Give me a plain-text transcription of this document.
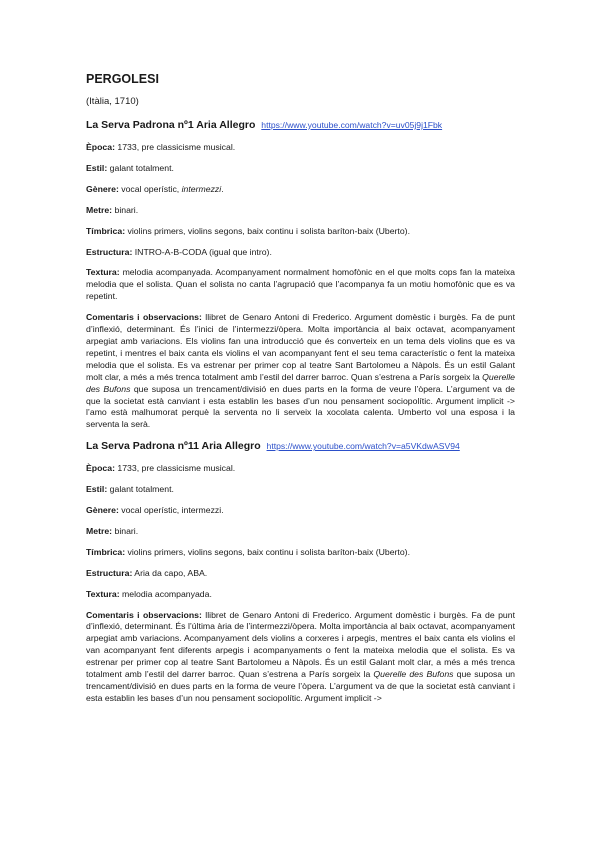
PERGOLESI
(Itàlia, 1710)
La Serva Padrona nº1 Aria Allegro https://www.youtube.com/watch?v=uv05j9j1Fbk

Època: 1733, pre classicisme musical.

Estil: galant totalment.

Gènere: vocal operístic, intermezzi.

Metre: binari.

Tímbrica: violins primers, violins segons, baix continu i solista baríton-baix (Uberto).

Estructura: INTRO-A-B-CODA (igual que intro).

Textura: melodia acompanyada. Acompanyament normalment homofònic en el que molts cops fan la mateixa melodia que el solista. Quan el solista no canta l’agrupació que l’acompanya fa un motiu homofònic que es va repetint.

Comentaris i observacions: llibret de Genaro Antoni di Frederico. Argument domèstic i burgès. Fa de punt d’inflexió, determinant. És l’inici de l’intermezzi/òpera. Molta importància al baix octavat, acompanyament arpegiat amb variacions. Els violins fan una introducció que és converteix en un tema dels violins que es va repetint, i mentres el baix canta els violins el van acompanyant fent el seu tema característic o fent la mateixa melodia que el solista. Es va estrenar per primer cop al teatre Sant Bartolomeu a Nàpols. És un estil Galant molt clar, a més a més trenca totalment amb l’estil del darrer barroc. Quan s’estrena a París sorgeix la Querelle des Bufons que suposa un trencament/divisió en dues parts en la forma de veure l’òpera. L’argument va de que la societat està canviant i esta establin les bases d’un nou pensament sociopolític. Argument implicit -> l’amo està malhumorat perquè la serventa no li serveix la xocolata calenta. Umberto vol una esposa i la serventa la serà.

La Serva Padrona nº11 Aria Allegro https://www.youtube.com/watch?v=a5VKdwASV94

Època: 1733, pre classicisme musical.

Estil: galant totalment.

Gènere: vocal operístic, intermezzi.

Metre: binari.

Tímbrica: violins primers, violins segons, baix continu i solista baríton-baix (Uberto).

Estructura: Aria da capo, ABA.

Textura: melodia acompanyada.

Comentaris i observacions: llibret de Genaro Antoni di Frederico. Argument domèstic i burgès. Fa de punt d’inflexió, determinant. És l’última ària de l’intermezzi/òpera. Molta importància al baix octavat, acompanyament arpegiat amb variacions. Acompanyament dels violins a corxeres i arpegis, mentres el baix canta els violins el van acompanyant fent diferents arpegis i acompanyaments o fent la mateixa melodia que el solista. Es va estrenar per primer cop al teatre Sant Bartolomeu a Nàpols. És un estil Galant molt clar, a més a més trenca totalment amb l’estil del darrer barroc. Quan s’estrena a París sorgeix la Querelle des Bufons que suposa un trencament/divisió en dues parts en la forma de veure l’òpera. L’argument va de que la societat està canviant i esta establin les bases d’un nou pensament sociopolític. Argument implicit ->
